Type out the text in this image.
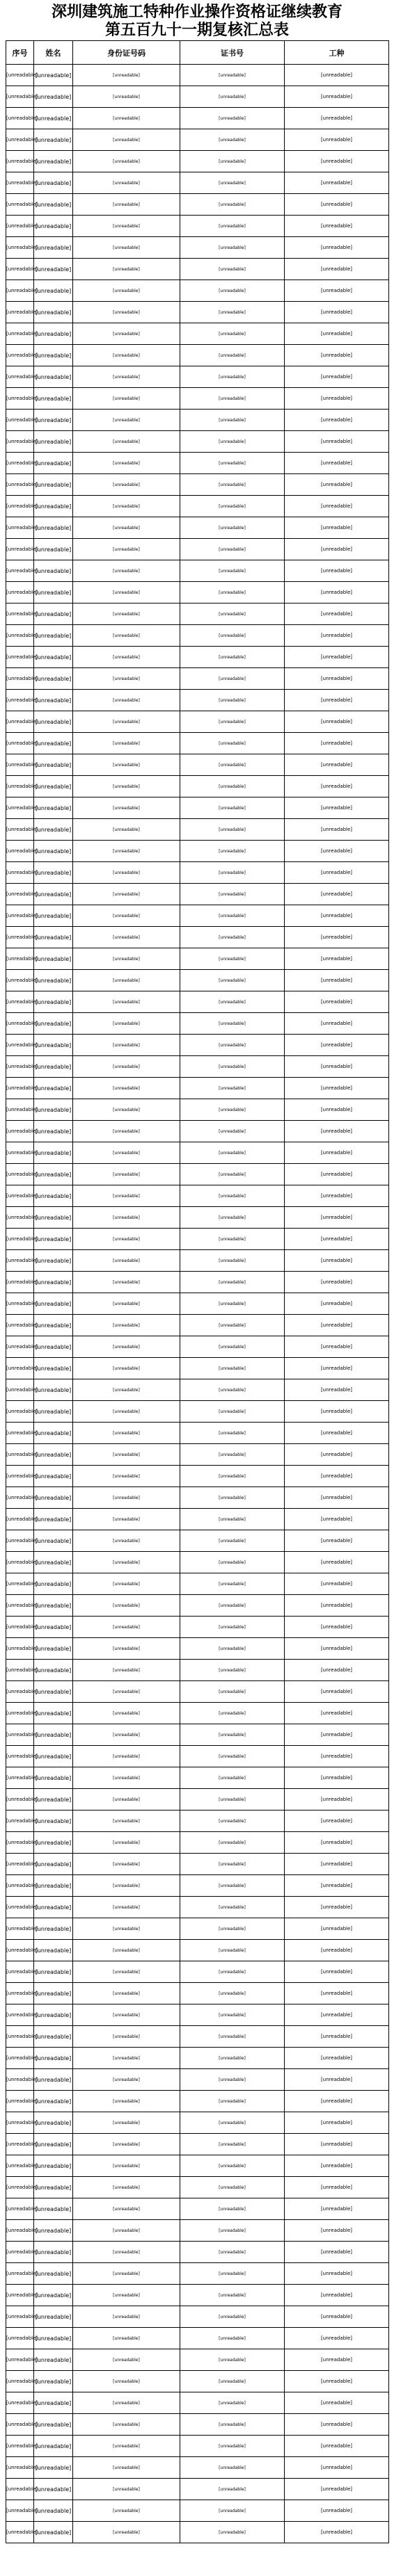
深圳建筑施工特种作业操作资格证继续教育
第五百九十一期复核汇总表
序号	姓名	身份证号码	证书号	工种
[unreadable]	[unreadable]	[unreadable]	[unreadable]	[unreadable]
[unreadable]	[unreadable]	[unreadable]	[unreadable]	[unreadable]
[unreadable]	[unreadable]	[unreadable]	[unreadable]	[unreadable]
[unreadable]	[unreadable]	[unreadable]	[unreadable]	[unreadable]
[unreadable]	[unreadable]	[unreadable]	[unreadable]	[unreadable]
[unreadable]	[unreadable]	[unreadable]	[unreadable]	[unreadable]
[unreadable]	[unreadable]	[unreadable]	[unreadable]	[unreadable]
[unreadable]	[unreadable]	[unreadable]	[unreadable]	[unreadable]
[unreadable]	[unreadable]	[unreadable]	[unreadable]	[unreadable]
[unreadable]	[unreadable]	[unreadable]	[unreadable]	[unreadable]
[unreadable]	[unreadable]	[unreadable]	[unreadable]	[unreadable]
[unreadable]	[unreadable]	[unreadable]	[unreadable]	[unreadable]
[unreadable]	[unreadable]	[unreadable]	[unreadable]	[unreadable]
[unreadable]	[unreadable]	[unreadable]	[unreadable]	[unreadable]
[unreadable]	[unreadable]	[unreadable]	[unreadable]	[unreadable]
[unreadable]	[unreadable]	[unreadable]	[unreadable]	[unreadable]
[unreadable]	[unreadable]	[unreadable]	[unreadable]	[unreadable]
[unreadable]	[unreadable]	[unreadable]	[unreadable]	[unreadable]
[unreadable]	[unreadable]	[unreadable]	[unreadable]	[unreadable]
[unreadable]	[unreadable]	[unreadable]	[unreadable]	[unreadable]
[unreadable]	[unreadable]	[unreadable]	[unreadable]	[unreadable]
[unreadable]	[unreadable]	[unreadable]	[unreadable]	[unreadable]
[unreadable]	[unreadable]	[unreadable]	[unreadable]	[unreadable]
[unreadable]	[unreadable]	[unreadable]	[unreadable]	[unreadable]
[unreadable]	[unreadable]	[unreadable]	[unreadable]	[unreadable]
[unreadable]	[unreadable]	[unreadable]	[unreadable]	[unreadable]
[unreadable]	[unreadable]	[unreadable]	[unreadable]	[unreadable]
[unreadable]	[unreadable]	[unreadable]	[unreadable]	[unreadable]
[unreadable]	[unreadable]	[unreadable]	[unreadable]	[unreadable]
[unreadable]	[unreadable]	[unreadable]	[unreadable]	[unreadable]
[unreadable]	[unreadable]	[unreadable]	[unreadable]	[unreadable]
[unreadable]	[unreadable]	[unreadable]	[unreadable]	[unreadable]
[unreadable]	[unreadable]	[unreadable]	[unreadable]	[unreadable]
[unreadable]	[unreadable]	[unreadable]	[unreadable]	[unreadable]
[unreadable]	[unreadable]	[unreadable]	[unreadable]	[unreadable]
[unreadable]	[unreadable]	[unreadable]	[unreadable]	[unreadable]
[unreadable]	[unreadable]	[unreadable]	[unreadable]	[unreadable]
[unreadable]	[unreadable]	[unreadable]	[unreadable]	[unreadable]
[unreadable]	[unreadable]	[unreadable]	[unreadable]	[unreadable]
[unreadable]	[unreadable]	[unreadable]	[unreadable]	[unreadable]
[unreadable]	[unreadable]	[unreadable]	[unreadable]	[unreadable]
[unreadable]	[unreadable]	[unreadable]	[unreadable]	[unreadable]
[unreadable]	[unreadable]	[unreadable]	[unreadable]	[unreadable]
[unreadable]	[unreadable]	[unreadable]	[unreadable]	[unreadable]
[unreadable]	[unreadable]	[unreadable]	[unreadable]	[unreadable]
[unreadable]	[unreadable]	[unreadable]	[unreadable]	[unreadable]
[unreadable]	[unreadable]	[unreadable]	[unreadable]	[unreadable]
[unreadable]	[unreadable]	[unreadable]	[unreadable]	[unreadable]
[unreadable]	[unreadable]	[unreadable]	[unreadable]	[unreadable]
[unreadable]	[unreadable]	[unreadable]	[unreadable]	[unreadable]
[unreadable]	[unreadable]	[unreadable]	[unreadable]	[unreadable]
[unreadable]	[unreadable]	[unreadable]	[unreadable]	[unreadable]
[unreadable]	[unreadable]	[unreadable]	[unreadable]	[unreadable]
[unreadable]	[unreadable]	[unreadable]	[unreadable]	[unreadable]
[unreadable]	[unreadable]	[unreadable]	[unreadable]	[unreadable]
[unreadable]	[unreadable]	[unreadable]	[unreadable]	[unreadable]
[unreadable]	[unreadable]	[unreadable]	[unreadable]	[unreadable]
[unreadable]	[unreadable]	[unreadable]	[unreadable]	[unreadable]
[unreadable]	[unreadable]	[unreadable]	[unreadable]	[unreadable]
[unreadable]	[unreadable]	[unreadable]	[unreadable]	[unreadable]
[unreadable]	[unreadable]	[unreadable]	[unreadable]	[unreadable]
[unreadable]	[unreadable]	[unreadable]	[unreadable]	[unreadable]
[unreadable]	[unreadable]	[unreadable]	[unreadable]	[unreadable]
[unreadable]	[unreadable]	[unreadable]	[unreadable]	[unreadable]
[unreadable]	[unreadable]	[unreadable]	[unreadable]	[unreadable]
[unreadable]	[unreadable]	[unreadable]	[unreadable]	[unreadable]
[unreadable]	[unreadable]	[unreadable]	[unreadable]	[unreadable]
[unreadable]	[unreadable]	[unreadable]	[unreadable]	[unreadable]
[unreadable]	[unreadable]	[unreadable]	[unreadable]	[unreadable]
[unreadable]	[unreadable]	[unreadable]	[unreadable]	[unreadable]
[unreadable]	[unreadable]	[unreadable]	[unreadable]	[unreadable]
[unreadable]	[unreadable]	[unreadable]	[unreadable]	[unreadable]
[unreadable]	[unreadable]	[unreadable]	[unreadable]	[unreadable]
[unreadable]	[unreadable]	[unreadable]	[unreadable]	[unreadable]
[unreadable]	[unreadable]	[unreadable]	[unreadable]	[unreadable]
[unreadable]	[unreadable]	[unreadable]	[unreadable]	[unreadable]
[unreadable]	[unreadable]	[unreadable]	[unreadable]	[unreadable]
[unreadable]	[unreadable]	[unreadable]	[unreadable]	[unreadable]
[unreadable]	[unreadable]	[unreadable]	[unreadable]	[unreadable]
[unreadable]	[unreadable]	[unreadable]	[unreadable]	[unreadable]
[unreadable]	[unreadable]	[unreadable]	[unreadable]	[unreadable]
[unreadable]	[unreadable]	[unreadable]	[unreadable]	[unreadable]
[unreadable]	[unreadable]	[unreadable]	[unreadable]	[unreadable]
[unreadable]	[unreadable]	[unreadable]	[unreadable]	[unreadable]
[unreadable]	[unreadable]	[unreadable]	[unreadable]	[unreadable]
[unreadable]	[unreadable]	[unreadable]	[unreadable]	[unreadable]
[unreadable]	[unreadable]	[unreadable]	[unreadable]	[unreadable]
[unreadable]	[unreadable]	[unreadable]	[unreadable]	[unreadable]
[unreadable]	[unreadable]	[unreadable]	[unreadable]	[unreadable]
[unreadable]	[unreadable]	[unreadable]	[unreadable]	[unreadable]
[unreadable]	[unreadable]	[unreadable]	[unreadable]	[unreadable]
[unreadable]	[unreadable]	[unreadable]	[unreadable]	[unreadable]
[unreadable]	[unreadable]	[unreadable]	[unreadable]	[unreadable]
[unreadable]	[unreadable]	[unreadable]	[unreadable]	[unreadable]
[unreadable]	[unreadable]	[unreadable]	[unreadable]	[unreadable]
[unreadable]	[unreadable]	[unreadable]	[unreadable]	[unreadable]
[unreadable]	[unreadable]	[unreadable]	[unreadable]	[unreadable]
[unreadable]	[unreadable]	[unreadable]	[unreadable]	[unreadable]
[unreadable]	[unreadable]	[unreadable]	[unreadable]	[unreadable]
[unreadable]	[unreadable]	[unreadable]	[unreadable]	[unreadable]
[unreadable]	[unreadable]	[unreadable]	[unreadable]	[unreadable]
[unreadable]	[unreadable]	[unreadable]	[unreadable]	[unreadable]
[unreadable]	[unreadable]	[unreadable]	[unreadable]	[unreadable]
[unreadable]	[unreadable]	[unreadable]	[unreadable]	[unreadable]
[unreadable]	[unreadable]	[unreadable]	[unreadable]	[unreadable]
[unreadable]	[unreadable]	[unreadable]	[unreadable]	[unreadable]
[unreadable]	[unreadable]	[unreadable]	[unreadable]	[unreadable]
[unreadable]	[unreadable]	[unreadable]	[unreadable]	[unreadable]
[unreadable]	[unreadable]	[unreadable]	[unreadable]	[unreadable]
[unreadable]	[unreadable]	[unreadable]	[unreadable]	[unreadable]
[unreadable]	[unreadable]	[unreadable]	[unreadable]	[unreadable]
[unreadable]	[unreadable]	[unreadable]	[unreadable]	[unreadable]
[unreadable]	[unreadable]	[unreadable]	[unreadable]	[unreadable]
[unreadable]	[unreadable]	[unreadable]	[unreadable]	[unreadable]
[unreadable]	[unreadable]	[unreadable]	[unreadable]	[unreadable]
